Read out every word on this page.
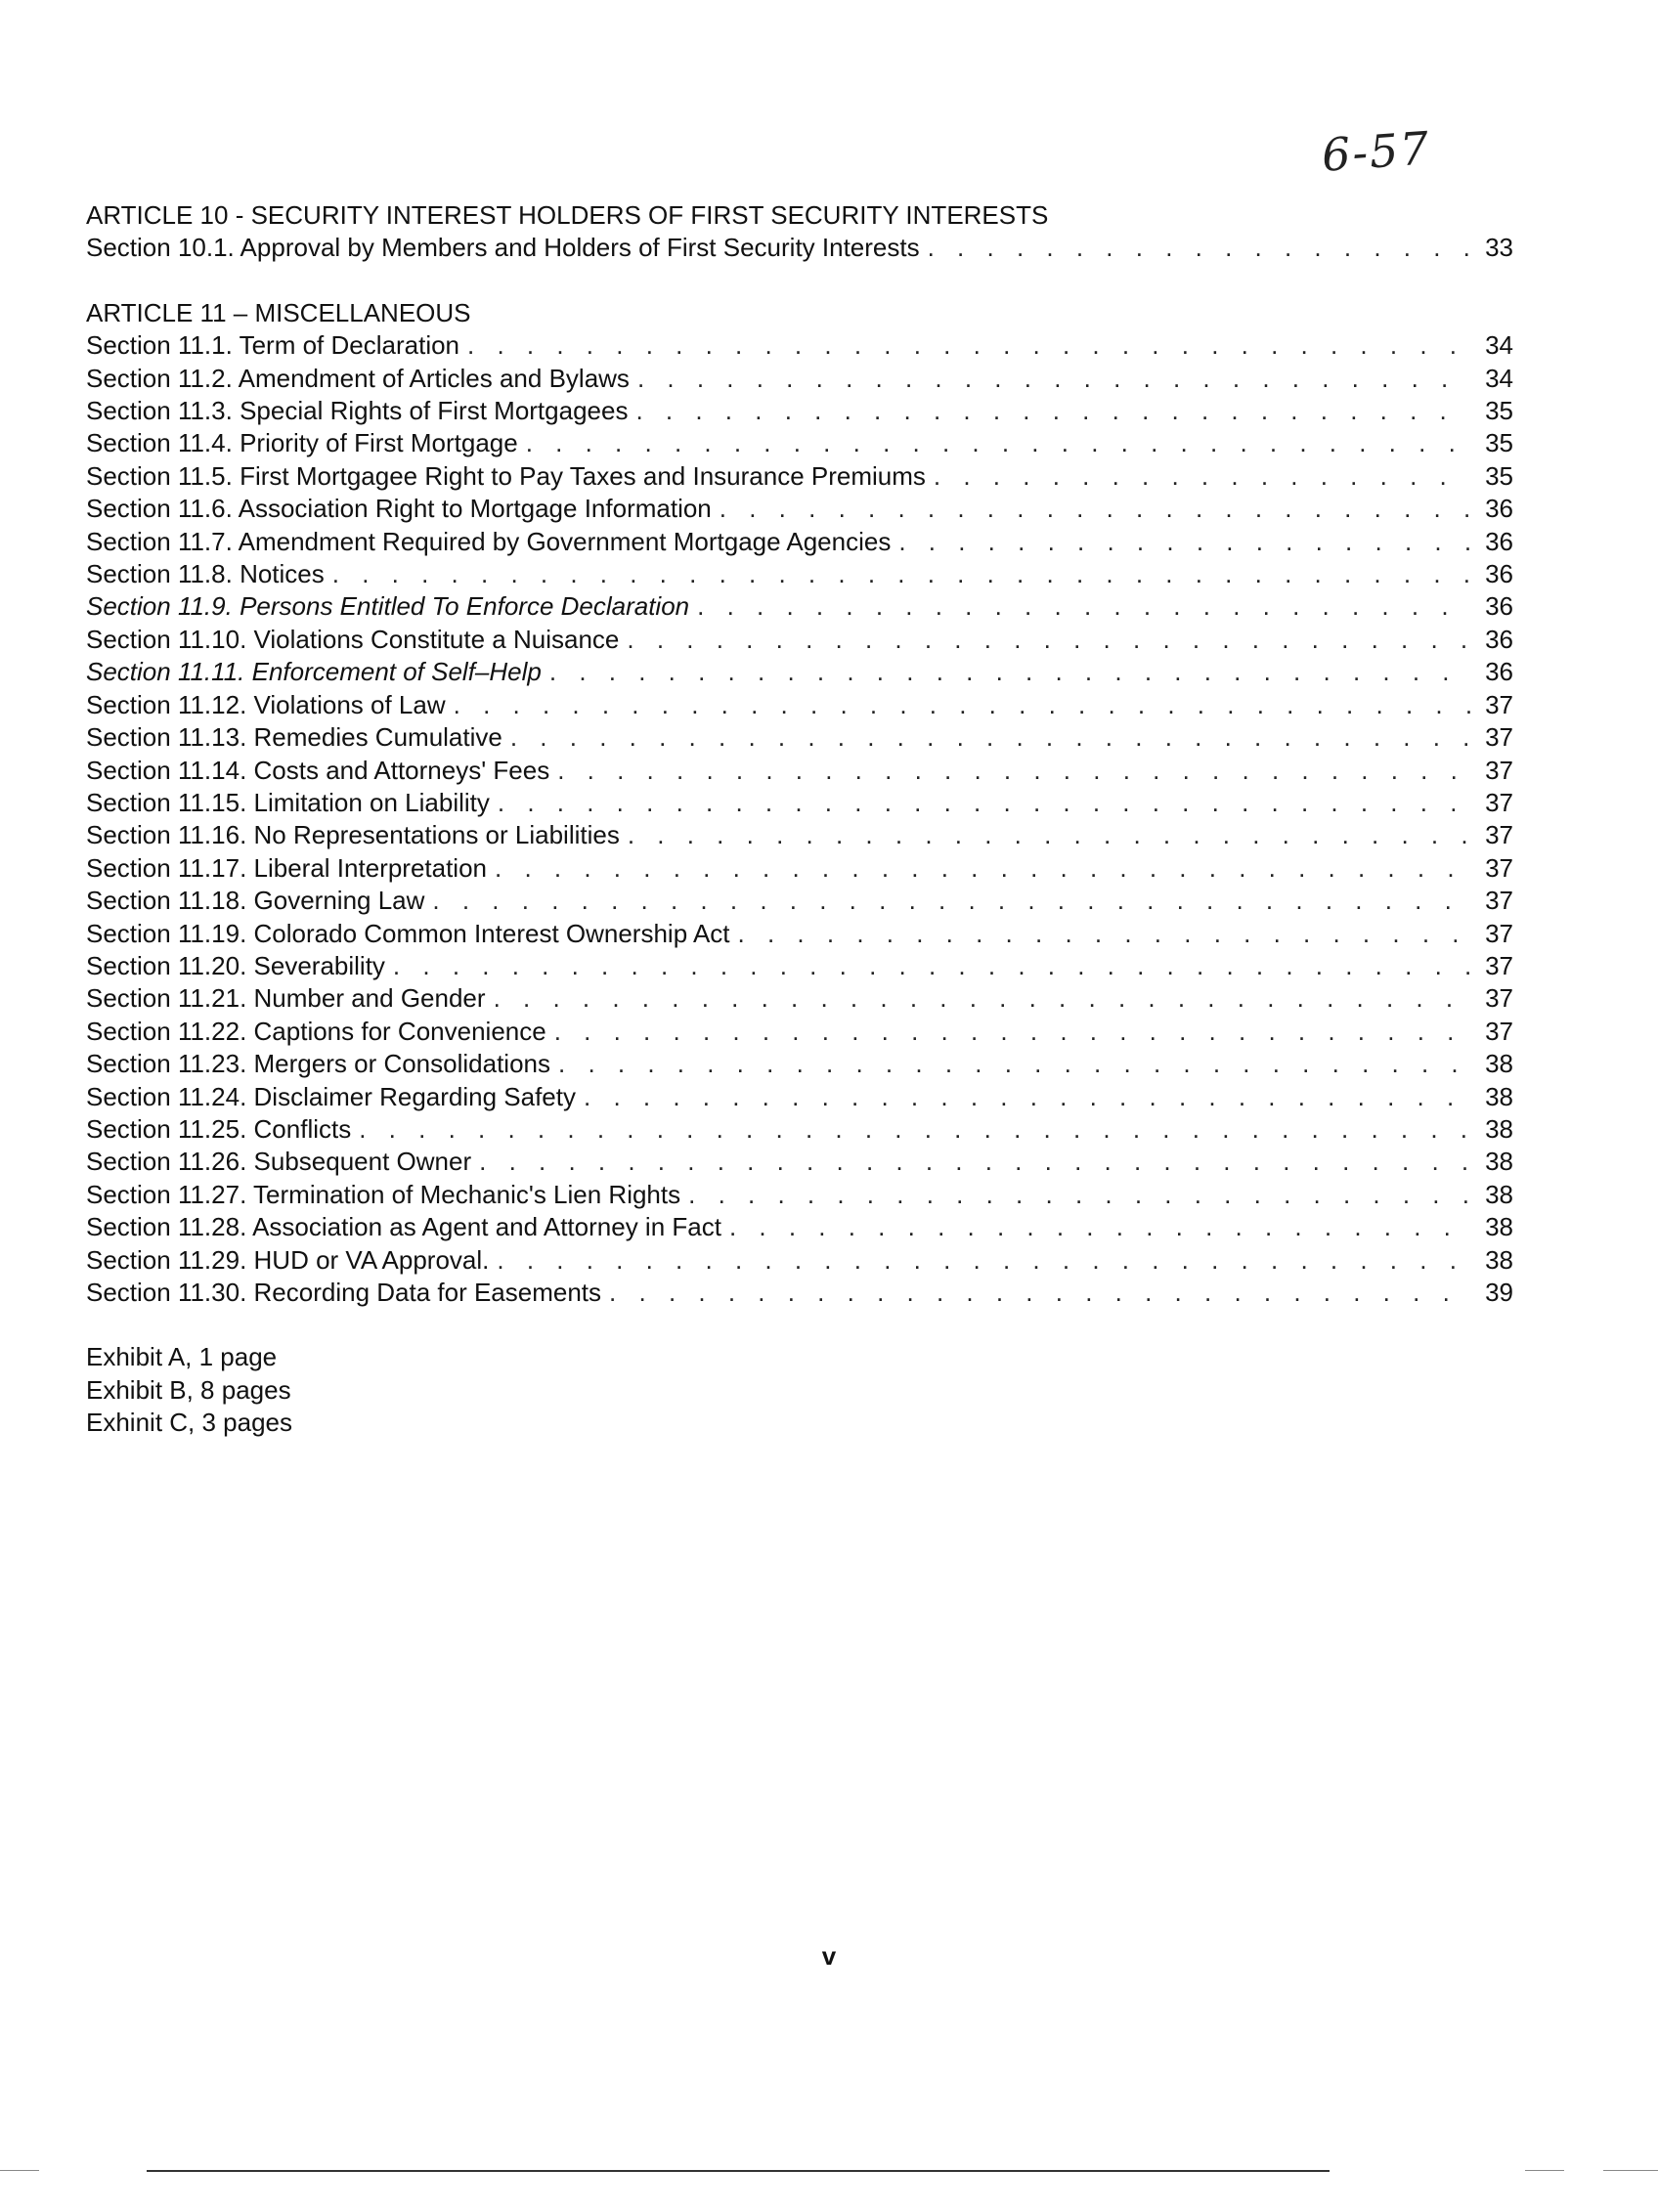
6-57
ARTICLE 10 - SECURITY INTEREST HOLDERS OF FIRST SECURITY INTERESTS
Section 10.1. Approval by Members and Holders of First Security Interests . . .	33
ARTICLE 11 – MISCELLANEOUS
Section 11.1. Term of Declaration . . .	34
Section 11.2. Amendment of Articles and Bylaws . . .	34
Section 11.3. Special Rights of First Mortgagees . . .	35
Section 11.4. Priority of First Mortgage . . .	35
Section 11.5. First Mortgagee Right to Pay Taxes and Insurance Premiums . . .	35
Section 11.6. Association Right to Mortgage Information . . .	36
Section 11.7. Amendment Required by Government Mortgage Agencies . . .	36
Section 11.8. Notices . . .	36
Section 11.9. Persons Entitled To Enforce Declaration . . .	36
Section 11.10. Violations Constitute a Nuisance . . .	36
Section 11.11. Enforcement of Self–Help . . .	36
Section 11.12. Violations of Law . . .	37
Section 11.13. Remedies Cumulative . . .	37
Section 11.14. Costs and Attorneys' Fees . . .	37
Section 11.15. Limitation on Liability . . .	37
Section 11.16. No Representations or Liabilities . . .	37
Section 11.17. Liberal Interpretation . . .	37
Section 11.18. Governing Law . . .	37
Section 11.19. Colorado Common Interest Ownership Act . . .	37
Section 11.20. Severability . . .	37
Section 11.21. Number and Gender . . .	37
Section 11.22. Captions for Convenience . . .	37
Section 11.23. Mergers or Consolidations . . .	38
Section 11.24. Disclaimer Regarding Safety . . .	38
Section 11.25. Conflicts . . .	38
Section 11.26. Subsequent Owner . . .	38
Section 11.27. Termination of Mechanic's Lien Rights . . .	38
Section 11.28. Association as Agent and Attorney in Fact . . .	38
Section 11.29. HUD or VA Approval. . . .	38
Section 11.30. Recording Data for Easements . . .	39
Exhibit A, 1 page
Exhibit B, 8 pages
Exhinit C, 3 pages
v
